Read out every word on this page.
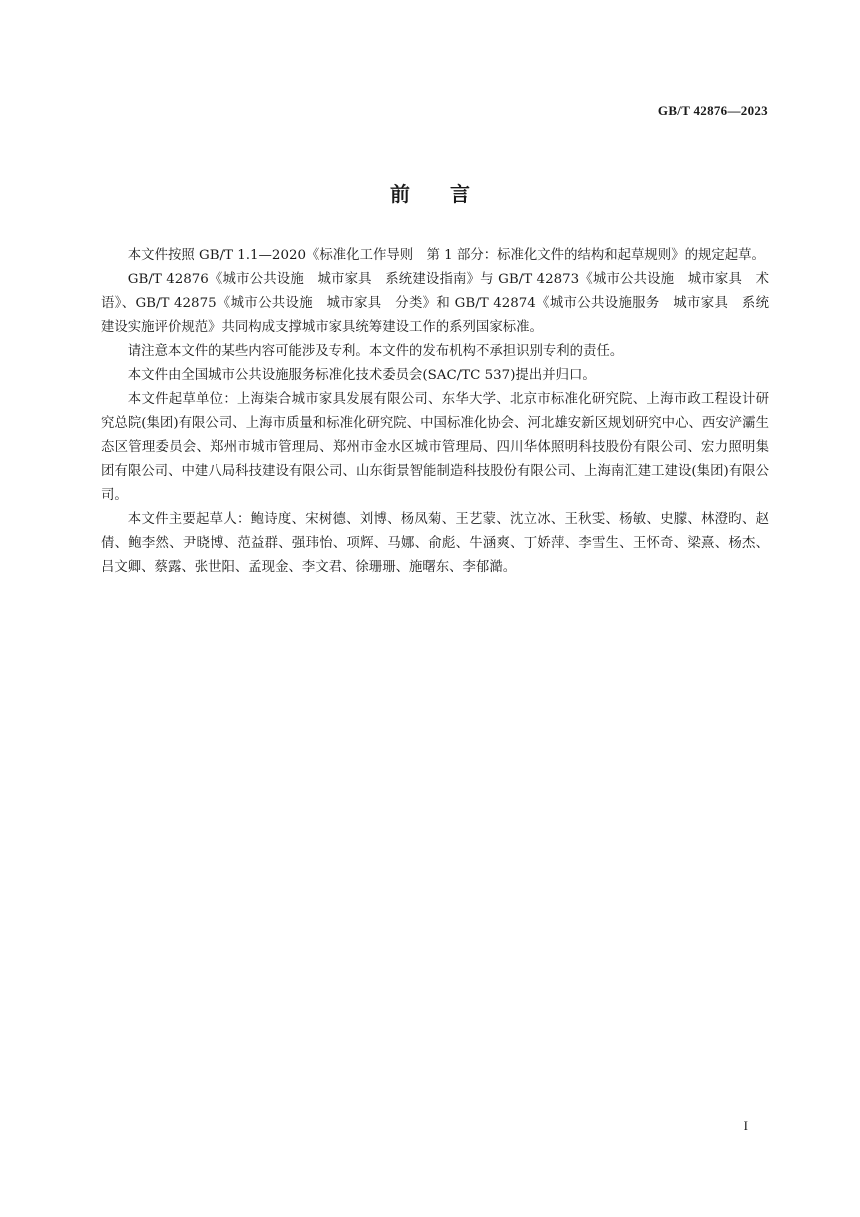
GB/T 42876—2023
前 言

本文件按照 GB/T 1.1—2020《标准化工作导则　第 1 部分：标准化文件的结构和起草规则》的规定起草。

GB/T 42876《城市公共设施　城市家具　系统建设指南》与 GB/T 42873《城市公共设施　城市家具　术语》、GB/T 42875《城市公共设施　城市家具　分类》和 GB/T 42874《城市公共设施服务　城市家具　系统建设实施评价规范》共同构成支撑城市家具统筹建设工作的系列国家标准。

请注意本文件的某些内容可能涉及专利。本文件的发布机构不承担识别专利的责任。

本文件由全国城市公共设施服务标准化技术委员会(SAC/TC 537)提出并归口。

本文件起草单位：上海柒合城市家具发展有限公司、东华大学、北京市标准化研究院、上海市政工程设计研究总院(集团)有限公司、上海市质量和标准化研究院、中国标准化协会、河北雄安新区规划研究中心、西安浐灞生态区管理委员会、郑州市城市管理局、郑州市金水区城市管理局、四川华体照明科技股份有限公司、宏力照明集团有限公司、中建八局科技建设有限公司、山东街景智能制造科技股份有限公司、上海南汇建工建设(集团)有限公司。

本文件主要起草人：鲍诗度、宋树德、刘博、杨凤菊、王艺蒙、沈立冰、王秋雯、杨敏、史朦、林澄昀、赵倩、鲍李然、尹晓博、范益群、强玮怡、项辉、马娜、俞彪、牛涵爽、丁娇萍、李雪生、王怀奇、梁熹、杨杰、吕文卿、蔡露、张世阳、孟现金、李文君、徐珊珊、施曙东、李郁澔。

I
